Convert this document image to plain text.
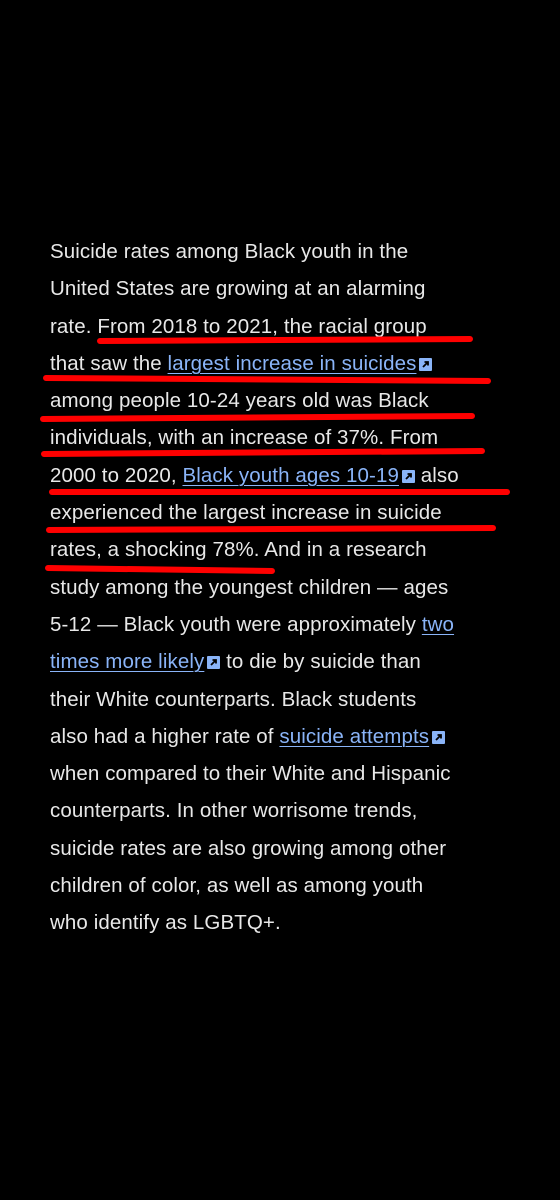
Suicide rates among Black youth in the
United States are growing at an alarming
rate. From 2018 to 2021, the racial group
that saw the largest increase in suicides
among people 10-24 years old was Black
individuals, with an increase of 37%. From
2000 to 2020, Black youth ages 10-19
also
experienced the largest increase in suicide
rates, a shocking 78%. And in a research
study among the youngest children — ages
5-12 — Black youth were approximately two
times more likely
to die by suicide than
their White counterparts. Black students
also had a higher rate of suicide attempts
when compared to their White and Hispanic
counterparts. In other worrisome trends,
suicide rates are also growing among other
children of color, as well as among youth
who identify as LGBTQ+.
